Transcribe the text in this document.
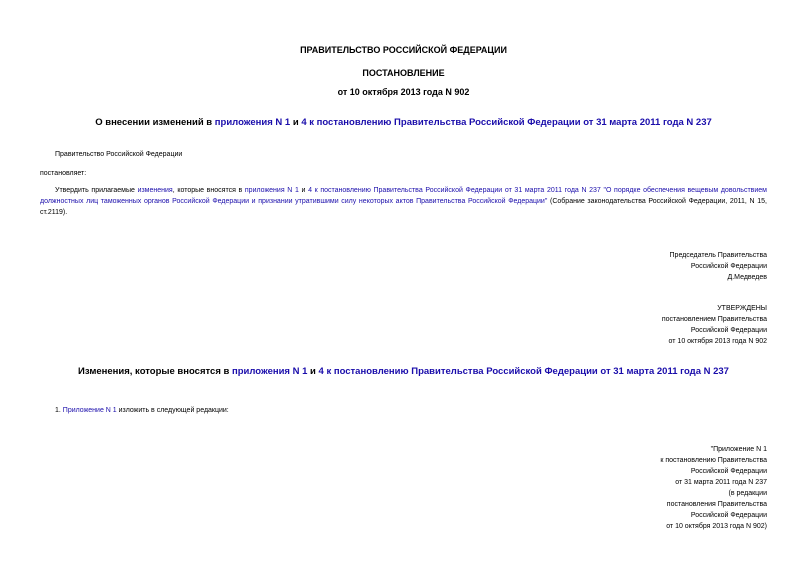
ПРАВИТЕЛЬСТВО РОССИЙСКОЙ ФЕДЕРАЦИИ
ПОСТАНОВЛЕНИЕ
от 10 октября 2013 года N 902
О внесении изменений в приложения N 1 и 4 к постановлению Правительства Российской Федерации от 31 марта 2011 года N 237
Правительство Российской Федерации
постановляет:
Утвердить прилагаемые изменения, которые вносятся в приложения N 1 и 4 к постановлению Правительства Российской Федерации от 31 марта 2011 года N 237 "О порядке обеспечения вещевым довольствием должностных лиц таможенных органов Российской Федерации и признании утратившими силу некоторых актов Правительства Российской Федерации" (Собрание законодательства Российской Федерации, 2011, N 15, ст.2119).
Председатель Правительства
Российской Федерации
Д.Медведев
УТВЕРЖДЕНЫ
постановлением Правительства
Российской Федерации
от 10 октября 2013 года N 902
Изменения, которые вносятся в приложения N 1 и 4 к постановлению Правительства Российской Федерации от 31 марта 2011 года N 237
1. Приложение N 1 изложить в следующей редакции:
"Приложение N 1
к постановлению Правительства
Российской Федерации
от 31 марта 2011 года N 237
(в редакции
постановления Правительства
Российской Федерации
от 10 октября 2013 года N 902)
